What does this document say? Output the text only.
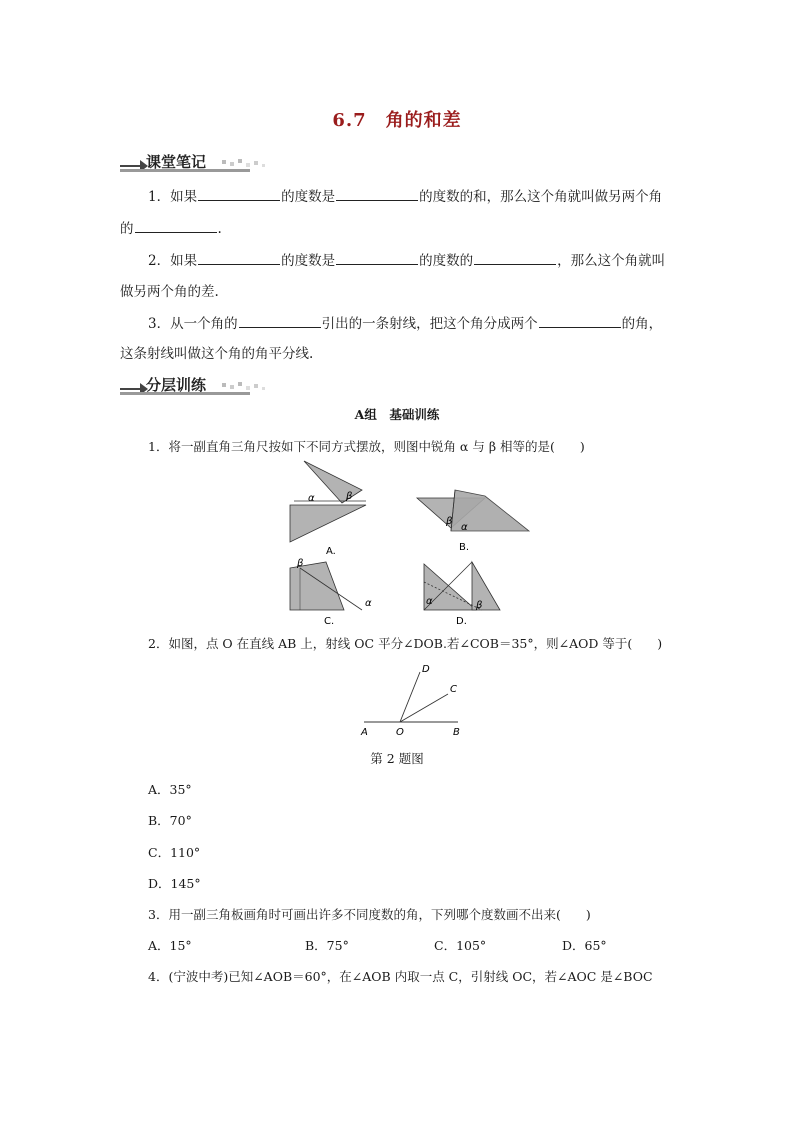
6.7　角的和差
课堂笔记
1．如果	的度数是	的度数的和，那么这个角就叫做另两个角
的	.
2．如果	的度数是	的度数的	，那么这个角就叫
做另两个角的差.
3．从一个角的	引出的一条射线，把这个角分成两个	的角，
这条射线叫做这个角的角平分线.
分层训练
A组　基础训练
1．将一副直角三角尺按如下不同方式摆放，则图中锐角 α 与 β 相等的是(　　)
α	β
A.
β
α
B.
β
α
C.
α	β
D.
2．如图，点 O 在直线 AB 上，射线 OC 平分∠DOB.若∠COB＝35°，则∠AOD 等于(　　)
A	O	B
C
D
第 2 题图
A．35°
B．70°
C．110°
D．145°
3．用一副三角板画角时可画出许多不同度数的角，下列哪个度数画不出来(　　)
A．15°	B．75°	C．105°	D．65°
4．(宁波中考)已知∠AOB＝60°，在∠AOB 内取一点 C，引射线 OC，若∠AOC 是∠BOC
